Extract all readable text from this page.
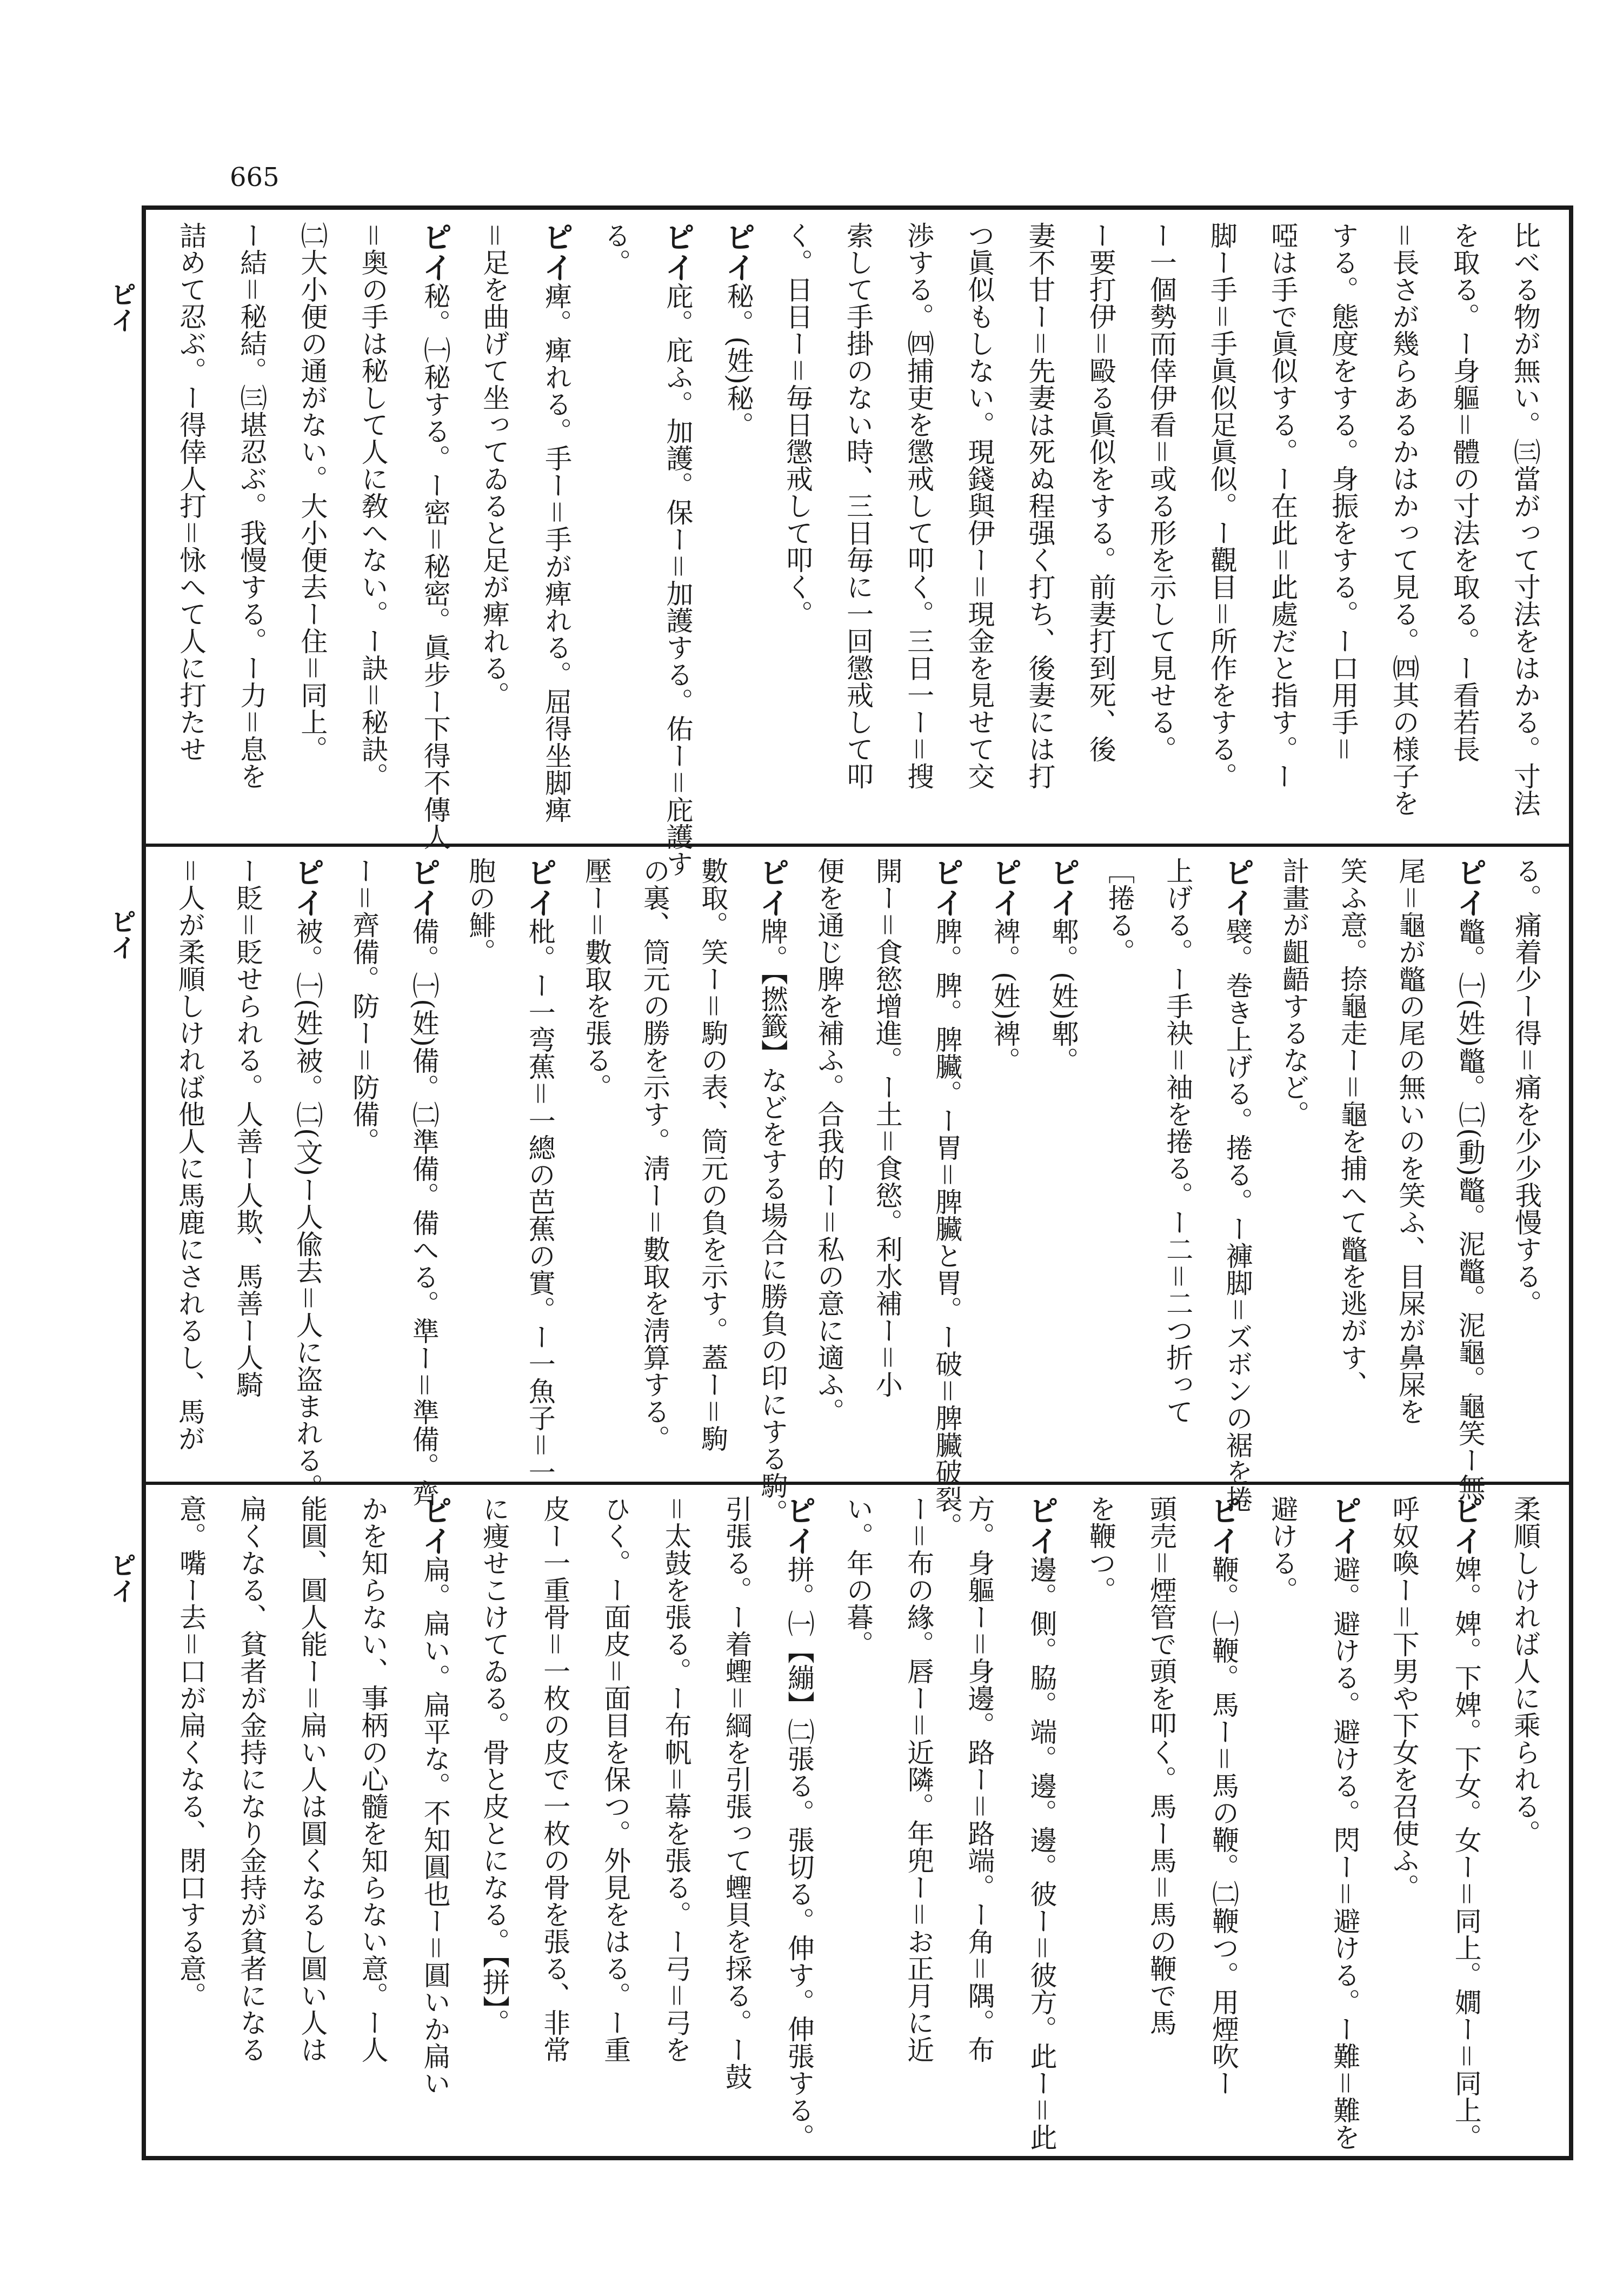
665
ピイ
ピイ
ピイ
比べる物が無い。㈢當がって寸法をはかる。寸法
を取る。ー身軀＝體の寸法を取る。ー看若長
＝長さが幾らあるかはかって見る。㈣其の様子を
する。態度をする。身振をする。ー口用手＝
啞は手で眞似する。ー在此＝此處だと指す。ー
脚ー手＝手眞似足眞似。ー觀目＝所作をする。
ー一個勢而倖伊看＝或る形を示して見せる。
ー要打伊＝毆る眞似をする。前妻打到死、後
妻不甘ー＝先妻は死ぬ程强く打ち、後妻には打
つ眞似もしない。現錢與伊ー＝現金を見せて交
渉する。㈣捕吏を懲戒して叩く。三日一ー＝搜
索して手掛のない時、三日毎に一回懲戒して叩
く。日日ー＝毎日懲戒して叩く。
ピイ秘。(姓)秘。
ピイ庇。庇ふ。加護。保ー＝加護する。佑ー＝庇護す
る。
ピイ痺。痺れる。手ー＝手が痺れる。屈得坐脚痺
＝足を曲げて坐ってゐると足が痺れる。
ピイ秘。㈠秘する。ー密＝秘密。眞步ー下得不傳人
＝奥の手は秘して人に敎へない。ー訣＝秘訣。
㈡大小便の通がない。大小便去ー住＝同上。
ー結＝秘結。㈢堪忍ぶ。我慢する。ー力＝息を
詰めて忍ぶ。ー得倖人打＝怺へて人に打たせ
る。痛着少ー得＝痛を少少我慢する。
ピイ鼈。㈠(姓)鼈。㈡(動)鼈。泥鼈。泥龜。龜笑ー無
尾＝龜が鼈の尾の無いのを笑ふ、目屎が鼻屎を
笑ふ意。捺龜走ー＝龜を捕へて鼈を逃がす、
計畫が齟齬するなど。
ピイ襞。巻き上げる。捲る。ー褲脚＝ズボンの裾を捲
上げる。ー手袂＝袖を捲る。ー二＝二つ折って
［捲る。
ピイ郫。(姓)郫。
ピイ裨。(姓)裨。
ピイ脾。脾。脾臟。ー胃＝脾臟と胃。ー破＝脾臟破裂。
開ー＝食慾增進。ー土＝食慾。利水補ー＝小
便を通じ脾を補ふ。合我的ー＝私の意に適ふ。
ピイ牌。【撚籤】などをする場合に勝負の印にする駒。
數取。笑ー＝駒の表、筒元の負を示す。蓋ー＝駒
の裏、筒元の勝を示す。淸ー＝數取を淸算する。
壓ー＝數取を張る。
ピイ枇。ー一弯蕉＝一總の芭蕉の實。ー一魚子＝一
胞の鯡。
ピイ備。㈠(姓)備。㈡準備。備へる。準ー＝準備。齊
ー＝齊備。防ー＝防備。
ピイ被。㈠(姓)被。㈡(文)ー人偸去＝人に盗まれる。
ー貶＝貶せられる。人善ー人欺、馬善ー人騎
＝人が柔順しければ他人に馬鹿にされるし、馬が
柔順しければ人に乘られる。
ピイ婢。婢。下婢。下女。女ー＝同上。嫺ー＝同上。
呼奴喚ー＝下男や下女を召使ふ。
ピイ避。避ける。避ける。閃ー＝避ける。ー難＝難を
避ける。
ピイ鞭。㈠鞭。馬ー＝馬の鞭。㈡鞭つ。用煙吹ー
頭売＝煙管で頭を叩く。馬ー馬＝馬の鞭で馬
を鞭つ。
ピイ邊。側。脇。端。邊。邊。彼ー＝彼方。此ー＝此
方。身軀ー＝身邊。路ー＝路端。ー角＝隅。布
ー＝布の緣。唇ー＝近隣。年兜ー＝お正月に近
い。年の暮。
ピイ拼。㈠【繃】㈡張る。張切る。伸す。伸張する。
引張る。ー着蟶＝綱を引張って蟶貝を採る。ー鼓
＝太鼓を張る。ー布帆＝幕を張る。ー弓＝弓を
ひく。ー面皮＝面目を保つ。外見をはる。ー重
皮ー一重骨＝一枚の皮で一枚の骨を張る、非常
に痩せこけてゐる。骨と皮とになる。【拼】。
ピイ扁。扁い。扁平な。不知圓也ー＝圓いか扁い
かを知らない、事柄の心髓を知らない意。ー人
能圓、圓人能ー＝扁い人は圓くなるし圓い人は
扁くなる、貧者が金持になり金持が貧者になる
意。嘴ー去＝口が扁くなる、閉口する意。
